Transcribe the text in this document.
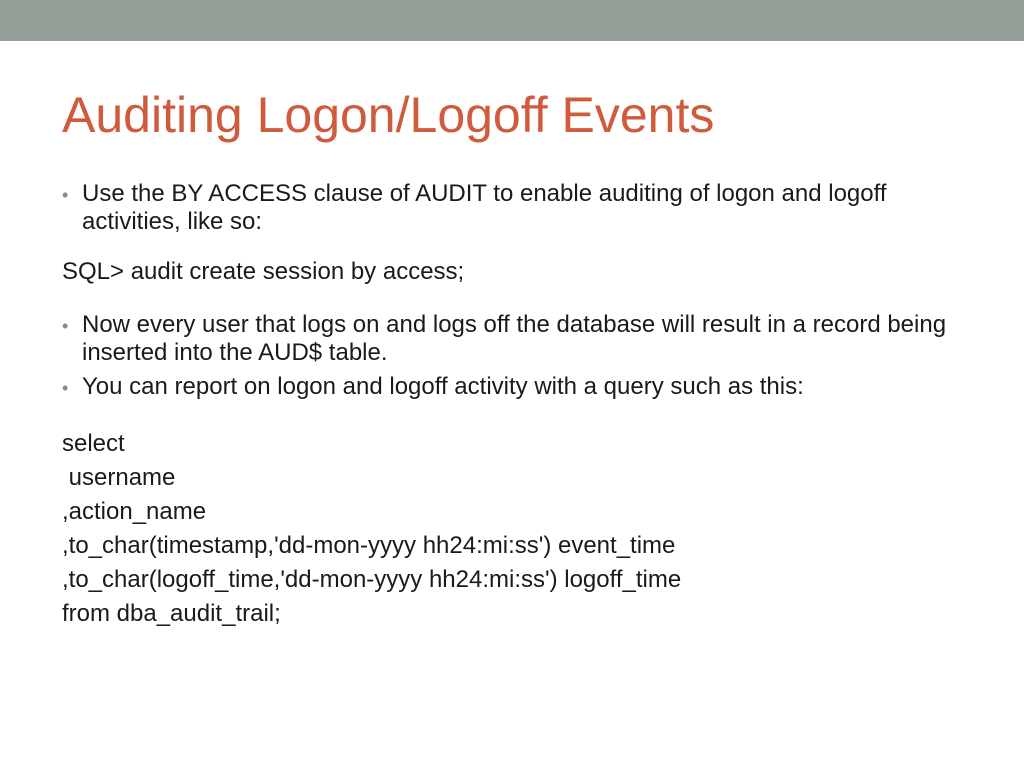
Auditing Logon/Logoff Events
• Use the BY ACCESS clause of AUDIT to enable auditing of logon and logoff activities, like so:
SQL> audit create session by access;
• Now every user that logs on and logs off the database will result in a record being inserted into the AUD$ table.
• You can report on logon and logoff activity with a query such as this:
select
username
,action_name
,to_char(timestamp,'dd-mon-yyyy hh24:mi:ss') event_time
,to_char(logoff_time,'dd-mon-yyyy hh24:mi:ss') logoff_time
from dba_audit_trail;
